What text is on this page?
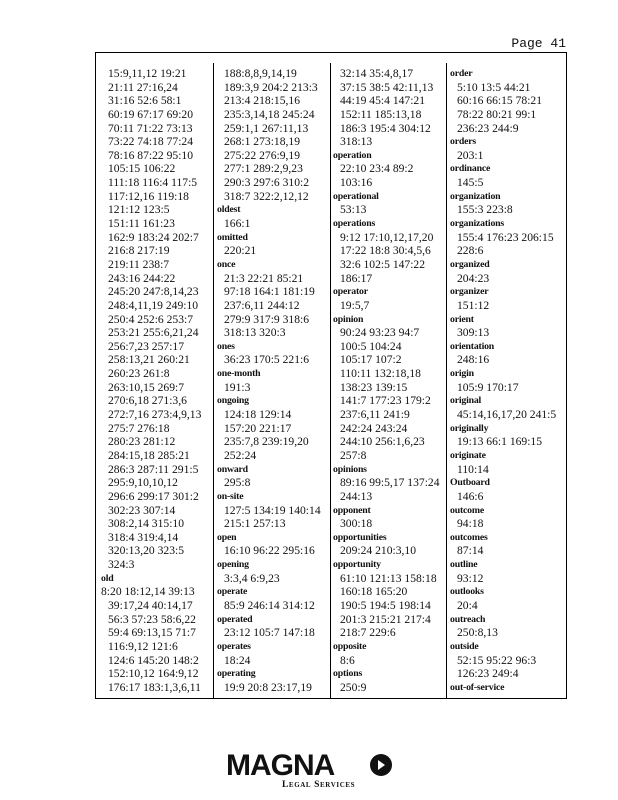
Page 41
15:9,11,12 19:21
21:11 27:16,24
31:16 52:6 58:1
60:19 67:17 69:20
70:11 71:22 73:13
73:22 74:18 77:24
78:16 87:22 95:10
105:15 106:22
111:18 116:4 117:5
117:12,16 119:18
121:12 123:5
151:11 161:23
162:9 183:24 202:7
216:8 217:19
219:11 238:7
243:16 244:22
245:20 247:8,14,23
248:4,11,19 249:10
250:4 252:6 253:7
253:21 255:6,21,24
256:7,23 257:17
258:13,21 260:21
260:23 261:8
263:10,15 269:7
270:6,18 271:3,6
272:7,16 273:4,9,13
275:7 276:18
280:23 281:12
284:15,18 285:21
286:3 287:11 291:5
295:9,10,10,12
296:6 299:17 301:2
302:23 307:14
308:2,14 315:10
318:4 319:4,14
320:13,20 323:5
324:3
old
8:20 18:12,14 39:13
39:17,24 40:14,17
56:3 57:23 58:6,22
59:4 69:13,15 71:7
116:9,12 121:6
124:6 145:20 148:2
152:10,12 164:9,12
176:17 183:1,3,6,11
188:8,8,9,14,19
189:3,9 204:2 213:3
213:4 218:15,16
235:3,14,18 245:24
259:1,1 267:11,13
268:1 273:18,19
275:22 276:9,19
277:1 289:2,9,23
290:3 297:6 310:2
318:7 322:2,12,12
oldest
166:1
omitted
220:21
once
21:3 22:21 85:21
97:18 164:1 181:19
237:6,11 244:12
279:9 317:9 318:6
318:13 320:3
ones
36:23 170:5 221:6
one-month
191:3
ongoing
124:18 129:14
157:20 221:17
235:7,8 239:19,20
252:24
onward
295:8
on-site
127:5 134:19 140:14
215:1 257:13
open
16:10 96:22 295:16
opening
3:3,4 6:9,23
operate
85:9 246:14 314:12
operated
23:12 105:7 147:18
operates
18:24
operating
19:9 20:8 23:17,19
32:14 35:4,8,17
37:15 38:5 42:11,13
44:19 45:4 147:21
152:11 185:13,18
186:3 195:4 304:12
318:13
operation
22:10 23:4 89:2
103:16
operational
53:13
operations
9:12 17:10,12,17,20
17:22 18:8 30:4,5,6
32:6 102:5 147:22
186:17
operator
19:5,7
opinion
90:24 93:23 94:7
100:5 104:24
105:17 107:2
110:11 132:18,18
138:23 139:15
141:7 177:23 179:2
237:6,11 241:9
242:24 243:24
244:10 256:1,6,23
257:8
opinions
89:16 99:5,17 137:24
244:13
opponent
300:18
opportunities
209:24 210:3,10
opportunity
61:10 121:13 158:18
160:18 165:20
190:5 194:5 198:14
201:3 215:21 217:4
218:7 229:6
opposite
8:6
options
250:9
order
5:10 13:5 44:21
60:16 66:15 78:21
78:22 80:21 99:1
236:23 244:9
orders
203:1
ordinance
145:5
organization
155:3 223:8
organizations
155:4 176:23 206:15
228:6
organized
204:23
organizer
151:12
orient
309:13
orientation
248:16
origin
105:9 170:17
original
45:14,16,17,20 241:5
originally
19:13 66:1 169:15
originate
110:14
Outboard
146:6
outcome
94:18
outcomes
87:14
outline
93:12
outlooks
20:4
outreach
250:8,13
outside
52:15 95:22 96:3
126:23 249:4
out-of-service
MAGNA
Legal Services
